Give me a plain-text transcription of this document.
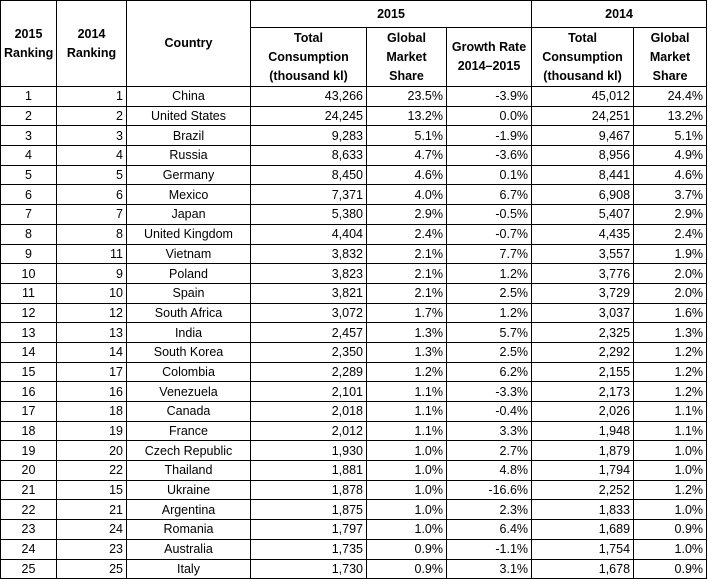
2015 Ranking	2014 Ranking	Country	2015			2014	
			Total Consumption (thousand kl)	Global Market Share	Growth Rate 2014–2015	Total Consumption (thousand kl)	Global Market Share
1	1	China	43,266	23.5%	-3.9%	45,012	24.4%
2	2	United States	24,245	13.2%	0.0%	24,251	13.2%
3	3	Brazil	9,283	5.1%	-1.9%	9,467	5.1%
4	4	Russia	8,633	4.7%	-3.6%	8,956	4.9%
5	5	Germany	8,450	4.6%	0.1%	8,441	4.6%
6	6	Mexico	7,371	4.0%	6.7%	6,908	3.7%
7	7	Japan	5,380	2.9%	-0.5%	5,407	2.9%
8	8	United Kingdom	4,404	2.4%	-0.7%	4,435	2.4%
9	11	Vietnam	3,832	2.1%	7.7%	3,557	1.9%
10	9	Poland	3,823	2.1%	1.2%	3,776	2.0%
11	10	Spain	3,821	2.1%	2.5%	3,729	2.0%
12	12	South Africa	3,072	1.7%	1.2%	3,037	1.6%
13	13	India	2,457	1.3%	5.7%	2,325	1.3%
14	14	South Korea	2,350	1.3%	2.5%	2,292	1.2%
15	17	Colombia	2,289	1.2%	6.2%	2,155	1.2%
16	16	Venezuela	2,101	1.1%	-3.3%	2,173	1.2%
17	18	Canada	2,018	1.1%	-0.4%	2,026	1.1%
18	19	France	2,012	1.1%	3.3%	1,948	1.1%
19	20	Czech Republic	1,930	1.0%	2.7%	1,879	1.0%
20	22	Thailand	1,881	1.0%	4.8%	1,794	1.0%
21	15	Ukraine	1,878	1.0%	-16.6%	2,252	1.2%
22	21	Argentina	1,875	1.0%	2.3%	1,833	1.0%
23	24	Romania	1,797	1.0%	6.4%	1,689	0.9%
24	23	Australia	1,735	0.9%	-1.1%	1,754	1.0%
25	25	Italy	1,730	0.9%	3.1%	1,678	0.9%
